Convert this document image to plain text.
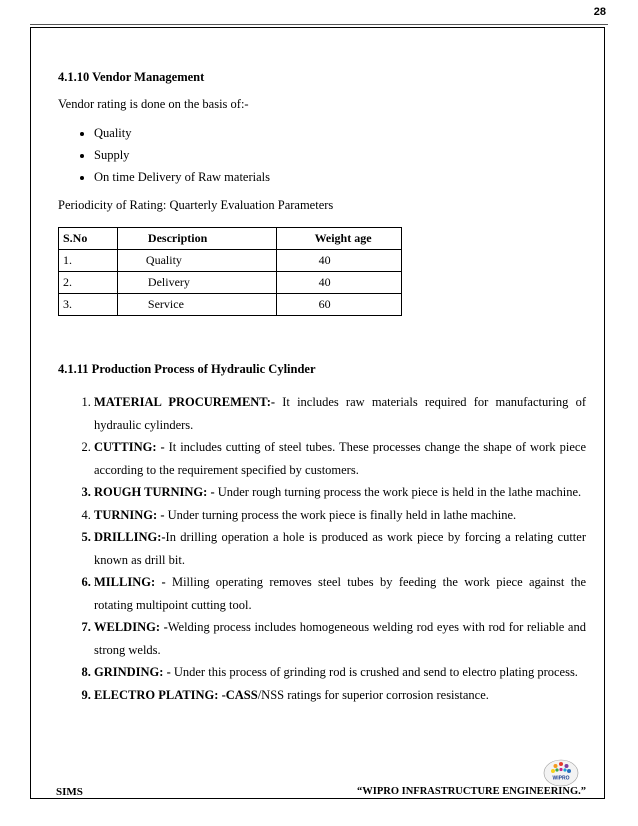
28
4.1.10 Vendor Management

Vendor rating is done on the basis of:-

• Quality
• Supply
• On time Delivery of Raw materials

Periodicity of Rating: Quarterly Evaluation Parameters

S.No	Description	Weight age
1.	Quality	40
2.	Delivery	40
3.	Service	60
4.1.11 Production Process of Hydraulic Cylinder
1. MATERIAL PROCUREMENT:- It includes raw materials required for manufacturing of hydraulic cylinders.
2. CUTTING: - It includes cutting of steel tubes. These processes change the shape of work piece according to the requirement specified by customers.
3. ROUGH TURNING: - Under rough turning process the work piece is held in the lathe machine.
4. TURNING: - Under turning process the work piece is finally held in lathe machine.
5. DRILLING:-In drilling operation a hole is produced as work piece by forcing a relating cutter known as drill bit.
6. MILLING: - Milling operating removes steel tubes by feeding the work piece against the rotating multipoint cutting tool.
7. WELDING: -Welding process includes homogeneous welding rod eyes with rod for reliable and strong welds.
8. GRINDING: - Under this process of grinding rod is crushed and send to electro plating process.
9. ELECTRO PLATING: -CASS/NSS ratings for superior corrosion resistance.
WIPRO
SIMS	“WIPRO INFRASTRUCTURE ENGINEERING.”
